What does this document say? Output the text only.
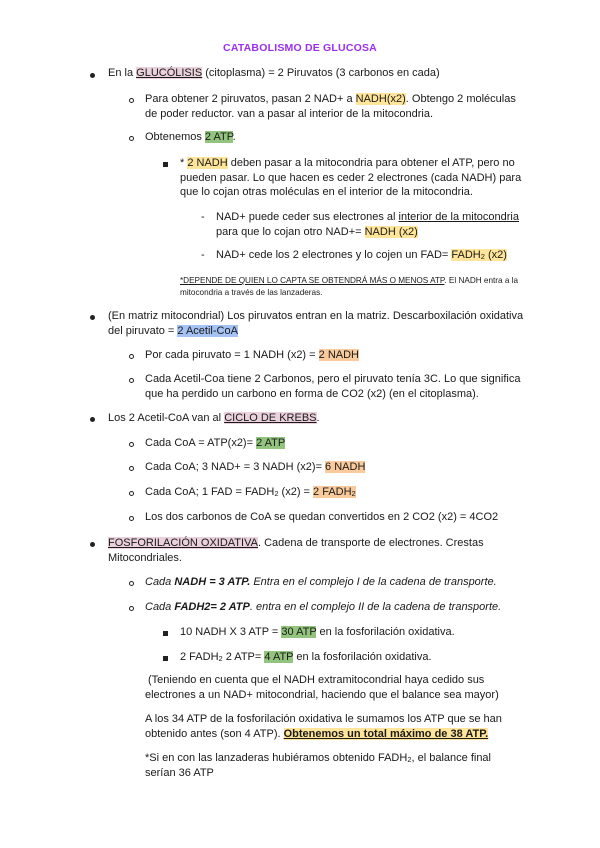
CATABOLISMO DE GLUCOSA
En la GLUCÓLISIS (citoplasma) = 2 Piruvatos (3 carbonos en cada)
Para obtener 2 piruvatos, pasan 2 NAD+ a NADH(x2). Obtengo 2 moléculas
de poder reductor. van a pasar al interior de la mitocondria.
Obtenemos 2 ATP.
* 2 NADH deben pasar a la mitocondria para obtener el ATP, pero no
pueden pasar. Lo que hacen es ceder 2 electrones (cada NADH) para
que lo cojan otras moléculas en el interior de la mitocondria.
- NAD+ puede ceder sus electrones al interior de la mitocondria
para que lo cojan otro NAD+= NADH (x2)
- NAD+ cede los 2 electrones y lo cojen un $FAD= FADH_2$ (x2)
*DEPENDE DE QUIEN LO CAPTA SE OBTENDRÁ MÁS O MENOS ATP. El NADH entra a la
mitocondria a través de las lanzaderas.
(En matriz mitocondrial) Los piruvatos entran en la matriz. Descarboxilación oxidativa
del piruvato = 2 Acetil-CoA
Por cada piruvato = 1 NADH (x2) = 2 NADH
Cada Acetil-Coa tiene 2 Carbonos, pero el piruvato tenía 3C. Lo que significa
que ha perdido un carbono en forma de CO2 (x2) (en el citoplasma).
Los 2 Acetil-CoA van al CICLO DE KREBS.
Cada CoA = ATP(x2)= 2 ATP
Cada CoA; 3 NAD+ = 3 NADH (x2)= 6 NADH
Cada CoA; 1 FAD = $FADH_2$ (x2) = 2 $FADH_2$
Los dos carbonos de CoA se quedan convertidos en 2 CO2 (x2) = 4CO2
FOSFORILACIÓN OXIDATIVA. Cadena de transporte de electrones. Crestas
Mitocondriales.
Cada NADH = 3 ATP. Entra en el complejo I de la cadena de transporte.
Cada FADH2= 2 ATP. entra en el complejo II de la cadena de transporte.
10 NADH X 3 ATP = 30 ATP en la fosforilación oxidativa.
2 $FADH_2$ 2 ATP= 4 ATP en la fosforilación oxidativa.
(Teniendo en cuenta que el NADH extramitocondrial haya cedido sus
electrones a un NAD+ mitocondrial, haciendo que el balance sea mayor)
A los 34 ATP de la fosforilación oxidativa le sumamos los ATP que se han
obtenido antes (son 4 ATP). Obtenemos un total máximo de 38 ATP.
*Si en con las lanzaderas hubiéramos obtenido $FADH_2$, el balance final
serían 36 ATP
